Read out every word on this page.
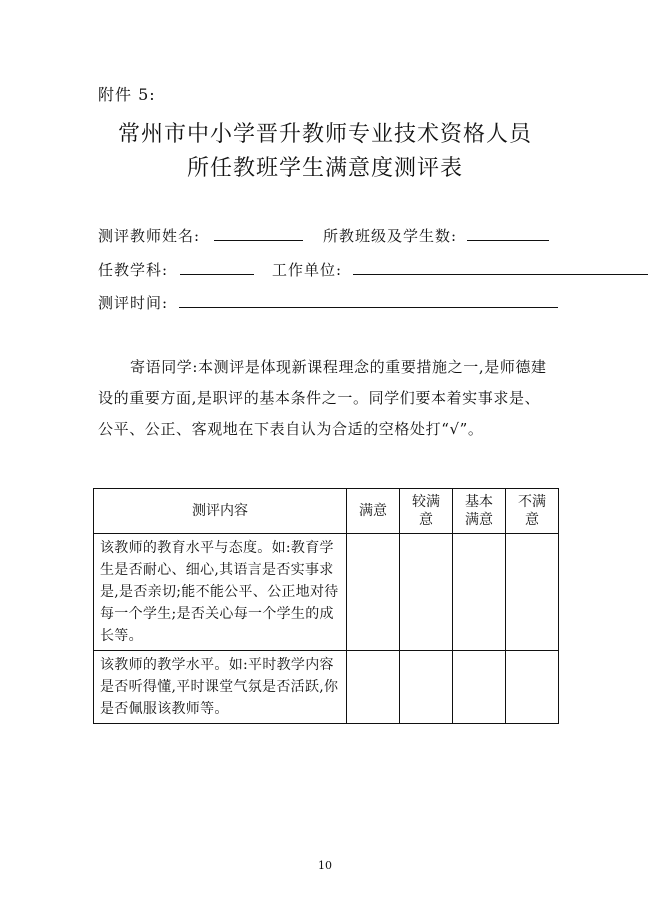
附件 5:
常州市中小学晋升教师专业技术资格人员
所任教班学生满意度测评表
测评教师姓名:	所教班级及学生数:
任教学科:	工作单位:
测评时间:
寄语同学:本测评是体现新课程理念的重要措施之一,是师德建设的重要方面,是职评的基本条件之一。同学们要本着实事求是、公平、公正、客观地在下表自认为合适的空格处打“√”。
测评内容	满意	较满意	基本满意	不满意
该教师的教育水平与态度。如:教育学生是否耐心、细心,其语言是否实事求是,是否亲切;能不能公平、公正地对待每一个学生;是否关心每一个学生的成长等。				
该教师的教学水平。如:平时教学内容是否听得懂,平时课堂气氛是否活跃,你是否佩服该教师等。				
10
